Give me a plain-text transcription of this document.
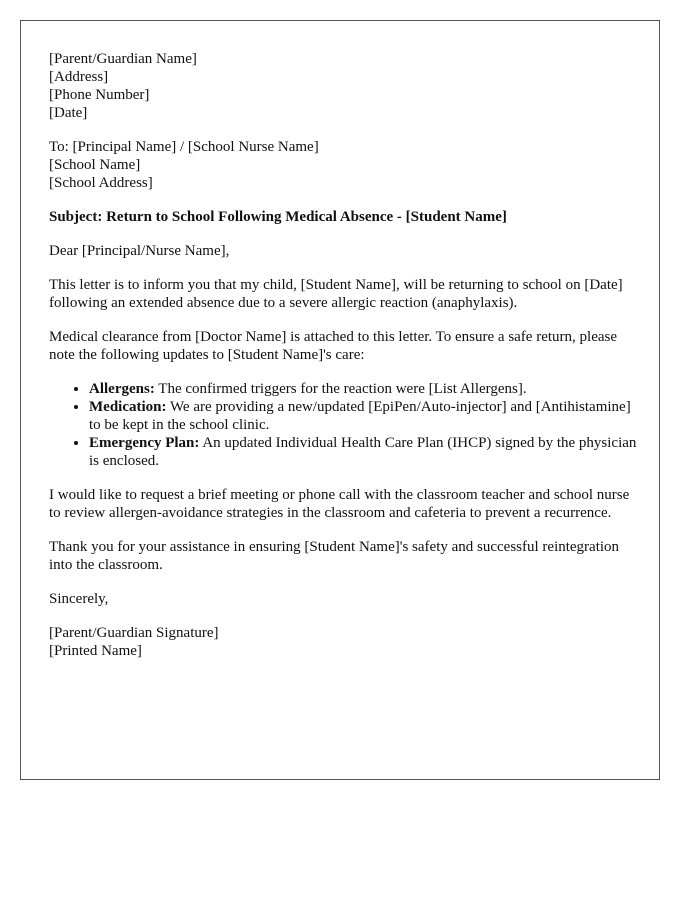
[Parent/Guardian Name]
[Address]
[Phone Number]
[Date]
To: [Principal Name] / [School Nurse Name]
[School Name]
[School Address]
Subject: Return to School Following Medical Absence - [Student Name]

Dear [Principal/Nurse Name],

This letter is to inform you that my child, [Student Name], will be returning to school on [Date] following an extended absence due to a severe allergic reaction (anaphylaxis).

Medical clearance from [Doctor Name] is attached to this letter. To ensure a safe return, please note the following updates to [Student Name]'s care:

• Allergens: The confirmed triggers for the reaction were [List Allergens].
• Medication: We are providing a new/updated [EpiPen/Auto-injector] and [Antihistamine] to be kept in the school clinic.
• Emergency Plan: An updated Individual Health Care Plan (IHCP) signed by the physician is enclosed.

I would like to request a brief meeting or phone call with the classroom teacher and school nurse to review allergen-avoidance strategies in the classroom and cafeteria to prevent a recurrence.

Thank you for your assistance in ensuring [Student Name]'s safety and successful reintegration into the classroom.

Sincerely,

[Parent/Guardian Signature]
[Printed Name]
